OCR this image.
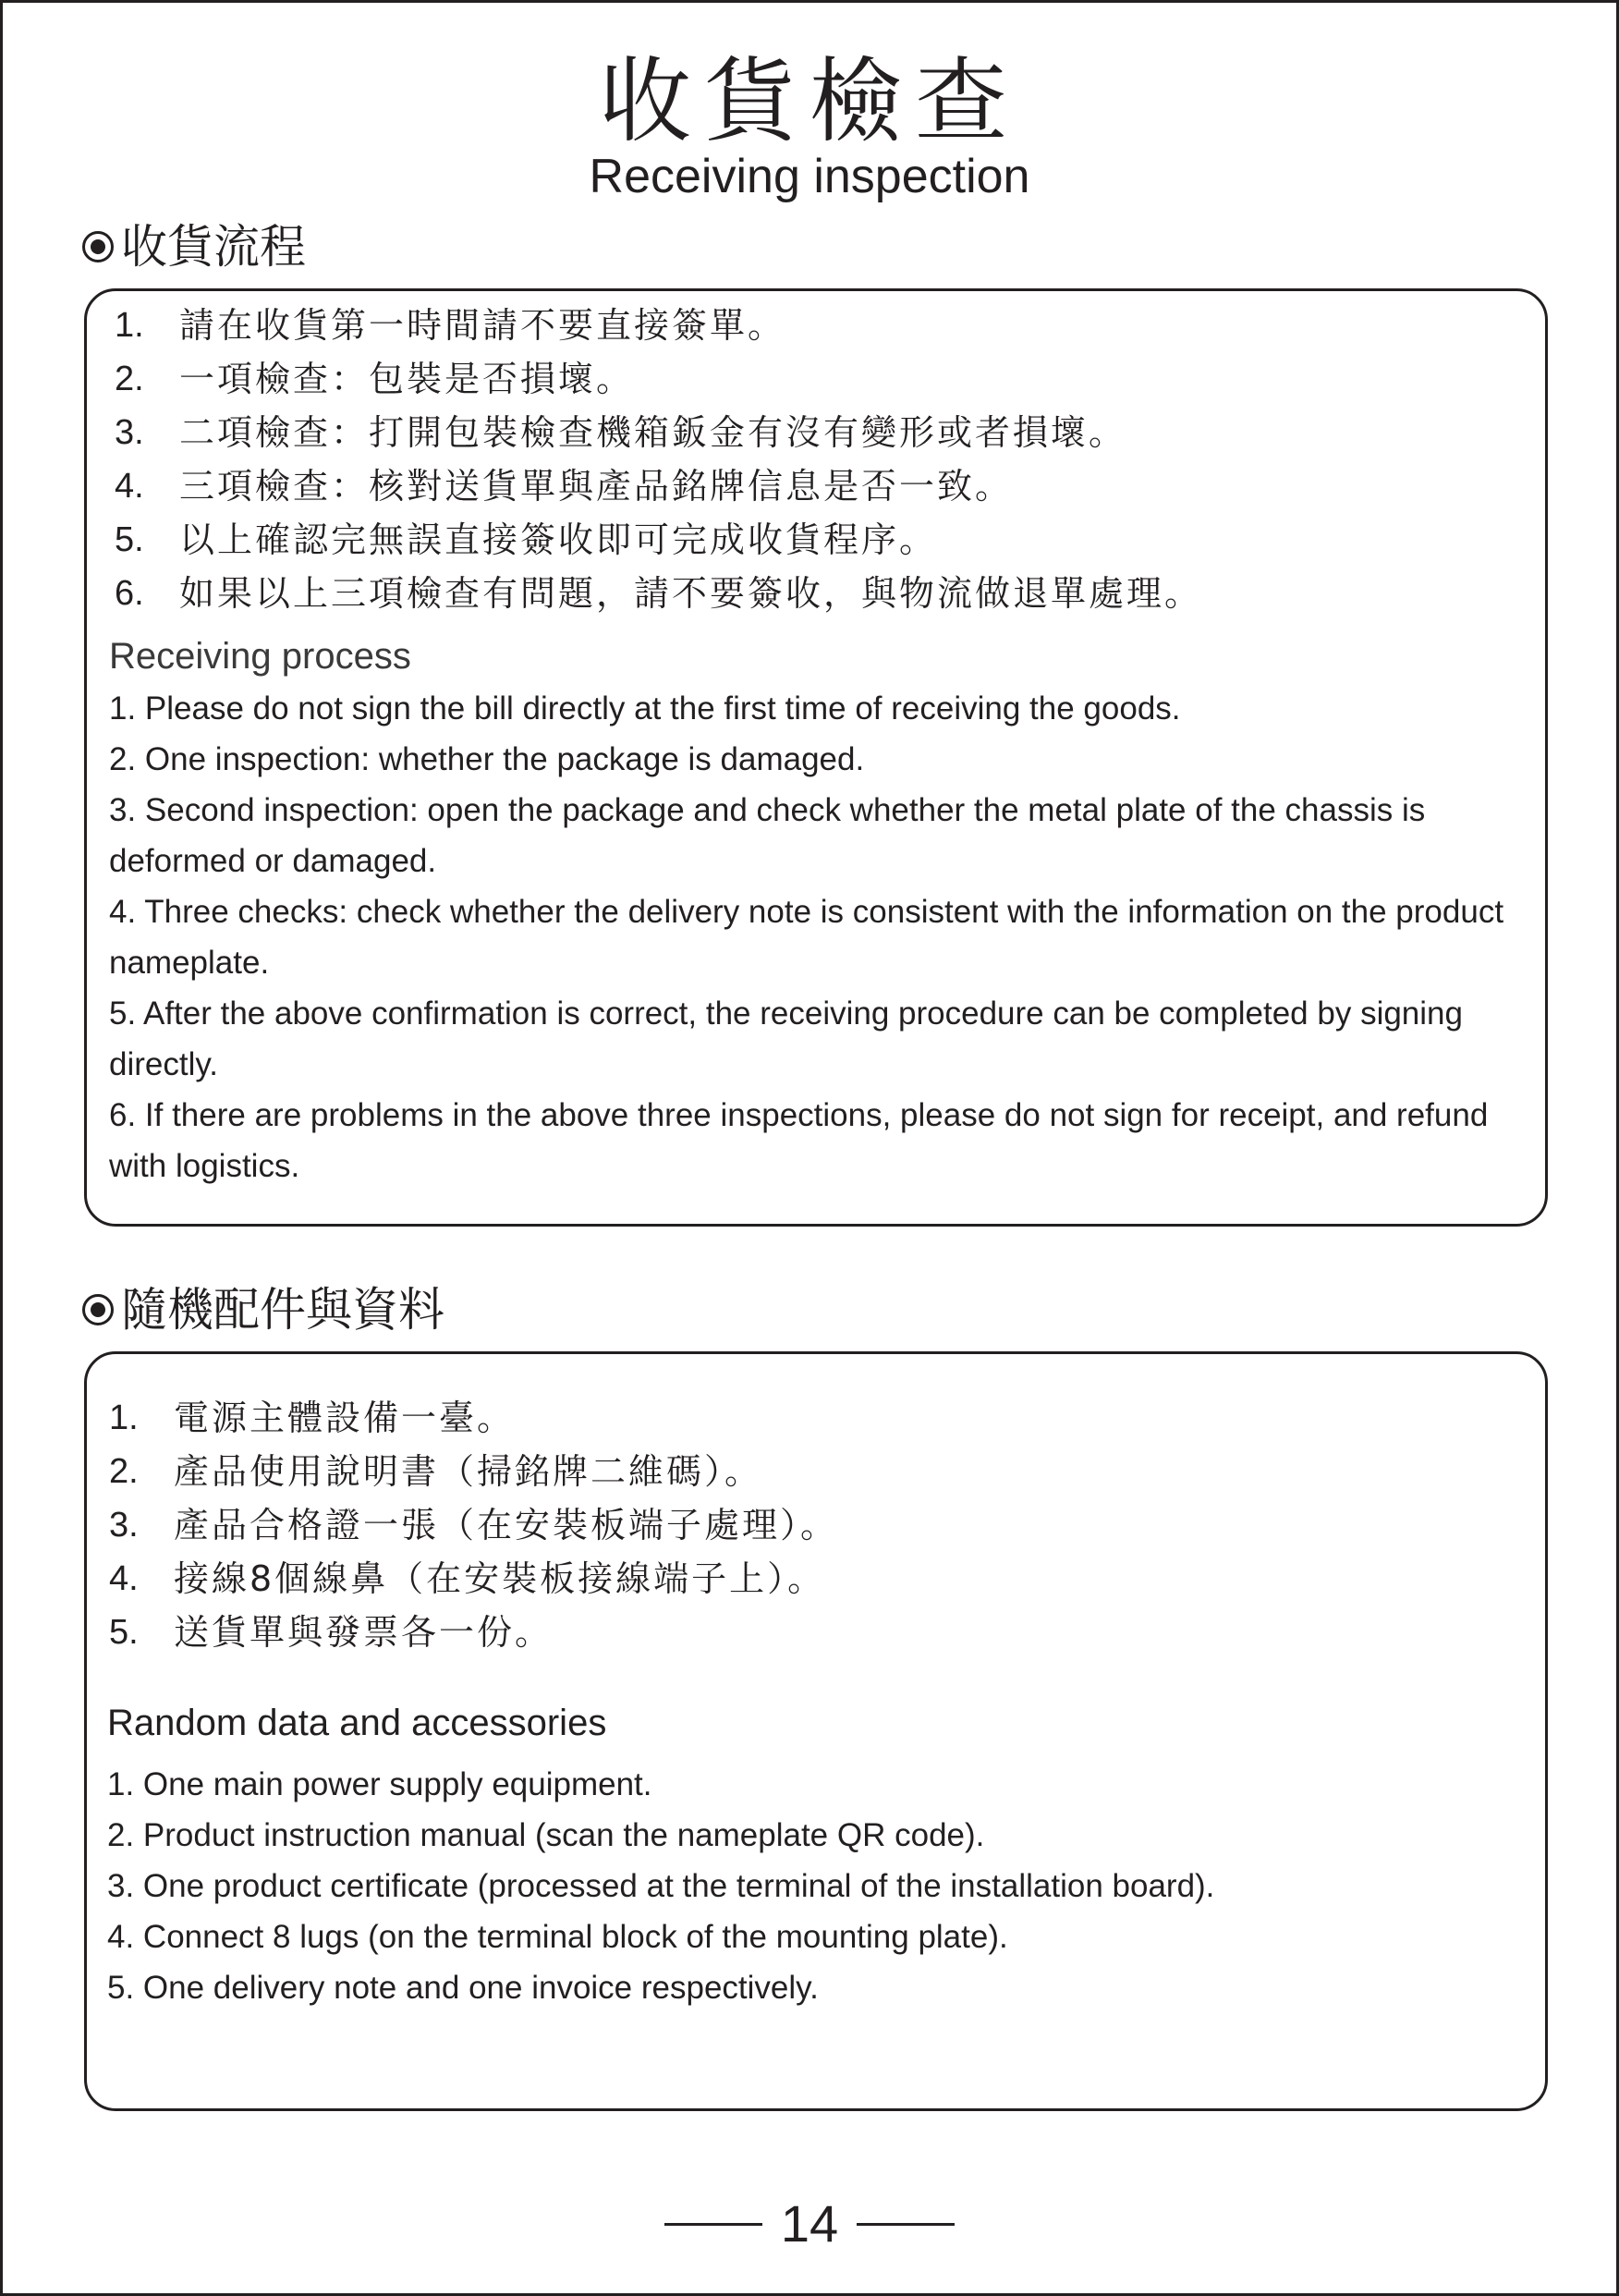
收貨檢查
Receiving inspection
收貨流程
1.	請在收貨第一時間請不要直接簽單。
2.	一項檢查：包裝是否損壞。
3.	二項檢查：打開包裝檢查機箱鈑金有沒有變形或者損壞。
4.	三項檢查：核對送貨單與產品銘牌信息是否一致。
5.	以上確認完無誤直接簽收即可完成收貨程序。
6.	如果以上三項檢查有問題，請不要簽收，與物流做退單處理。
Receiving process
1. Please do not sign the bill directly at the first time of receiving the goods.
2. One inspection: whether the package is damaged.
3. Second inspection: open the package and check whether the metal plate of the chassis is deformed or damaged.
4. Three checks: check whether the delivery note is consistent with the information on the product nameplate.
5. After the above confirmation is correct, the receiving procedure can be completed by signing directly.
6. If there are problems in the above three inspections, please do not sign for receipt, and refund with logistics.
隨機配件與資料
1.	電源主體設備一臺。
2.	產品使用說明書（掃銘牌二維碼）。
3.	產品合格證一張（在安裝板端子處理）。
4.	接線8個線鼻（在安裝板接線端子上）。
5.	送貨單與發票各一份。
Random data and accessories
1. One main power supply equipment.
2. Product instruction manual (scan the nameplate QR code).
3. One product certificate (processed at the terminal of the installation board).
4. Connect 8 lugs (on the terminal block of the mounting plate).
5. One delivery note and one invoice respectively.
14
